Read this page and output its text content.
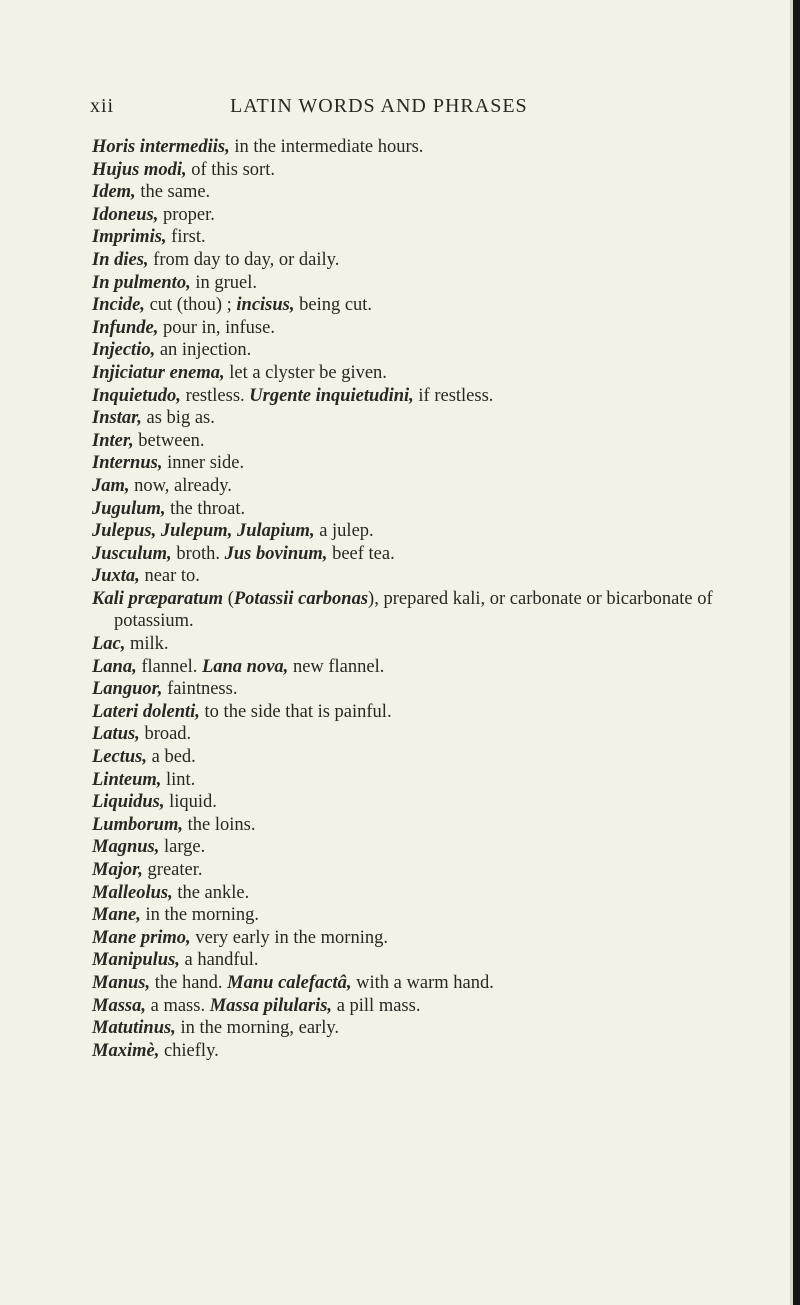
xii	LATIN WORDS AND PHRASES
Horis intermediis, in the intermediate hours.
Hujus modi, of this sort.
Idem, the same.
Idoneus, proper.
Imprimis, first.
In dies, from day to day, or daily.
In pulmento, in gruel.
Incide, cut (thou) ; incisus, being cut.
Infunde, pour in, infuse.
Injectio, an injection.
Injiciatur enema, let a clyster be given.
Inquietudo, restless. Urgente inquietudini, if restless.
Instar, as big as.
Inter, between.
Internus, inner side.
Jam, now, already.
Jugulum, the throat.
Julepus, Julepum, Julapium, a julep.
Jusculum, broth. Jus bovinum, beef tea.
Juxta, near to.
Kali præparatum (Potassii carbonas), prepared kali, or carbonate or bicarbonate of potassium.
Lac, milk.
Lana, flannel. Lana nova, new flannel.
Languor, faintness.
Lateri dolenti, to the side that is painful.
Latus, broad.
Lectus, a bed.
Linteum, lint.
Liquidus, liquid.
Lumborum, the loins.
Magnus, large.
Major, greater.
Malleolus, the ankle.
Mane, in the morning.
Mane primo, very early in the morning.
Manipulus, a handful.
Manus, the hand. Manu calefactâ, with a warm hand.
Massa, a mass. Massa pilularis, a pill mass.
Matutinus, in the morning, early.
Maximè, chiefly.
